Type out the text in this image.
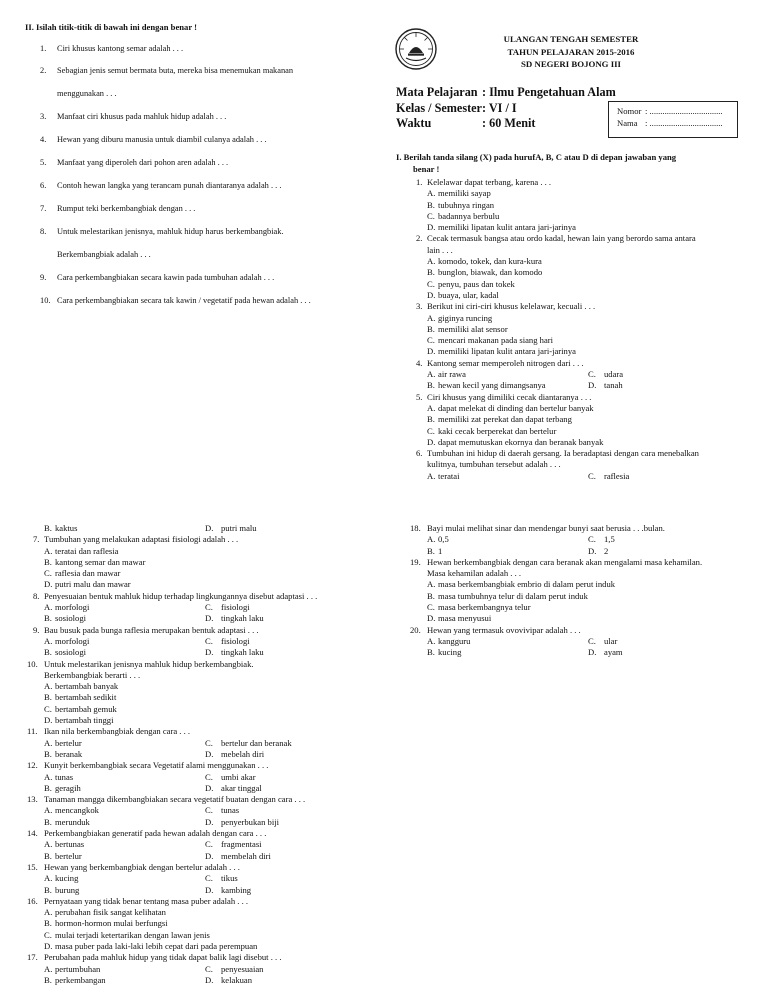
II. Isilah titik-titik di bawah ini dengan benar !
1. Ciri khusus kantong semar adalah . . .
2. Sebagian jenis semut bermata buta, mereka bisa menemukan makanan
menggunakan . . .
3. Manfaat ciri khusus pada mahluk hidup adalah . . .
4. Hewan yang diburu manusia untuk diambil culanya adalah . . .
5. Manfaat yang diperoleh dari pohon aren adalah . . .
6. Contoh hewan langka yang terancam punah diantaranya adalah . . .
7. Rumput teki berkembangbiak dengan . . .
8. Untuk melestarikan jenisnya, mahluk hidup harus berkembangbiak.
Berkembangbiak adalah . . .
9. Cara perkembangbiakan secara kawin pada tumbuhan adalah . . .
10. Cara perkembangbiakan secara tak kawin / vegetatif pada hewan adalah . . .
ULANGAN TENGAH SEMESTER
TAHUN PELAJARAN 2015-2016
SD NEGERI BOJONG III
Mata Pelajaran : Ilmu Pengetahuan Alam
Kelas / Semester : VI / I
Waktu	: 60 Menit
Nomor : ..................................
Nama : ..................................
I. Berilah tanda silang (X) pada hurufA, B, C atau D di depan jawaban yang
benar !
1. Kelelawar dapat terbang, karena . . .
A. memiliki sayap
B. tubuhnya ringan
C. badannya berbulu
D. memiliki lipatan kulit antara jari-jarinya
2. Cecak termasuk bangsa atau ordo kadal, hewan lain yang berordo sama antara
lain . . .
A. komodo, tokek, dan kura-kura
B. bunglon, biawak, dan komodo
C. penyu, paus dan tokek
D. buaya, ular, kadal
3. Berikut ini ciri-ciri khusus kelelawar, kecuali . . .
A. giginya runcing
B. memiliki alat sensor
C. mencari makanan pada siang hari
D. memiliki lipatan kulit antara jari-jarinya
4. Kantong semar memperoleh nitrogen dari . . .
A. air rawa	C. udara
B. hewan kecil yang dimangsanya	D. tanah
5. Ciri khusus yang dimiliki cecak diantaranya . . .
A. dapat melekat di dinding dan bertelur banyak
B. memiliki zat perekat dan dapat terbang
C. kaki cecak berperekat dan bertelur
D. dapat memutuskan ekornya dan beranak banyak
6. Tumbuhan ini hidup di daerah gersang. Ia beradaptasi dengan cara menebalkan
kulitnya, tumbuhan tersebut adalah . . .
A. teratai	C. raflesia
B. kaktus	D. putri malu
7. Tumbuhan yang melakukan adaptasi fisiologi adalah . . .
A. teratai dan raflesia
B. kantong semar dan mawar
C. raflesia dan mawar
D. putri malu dan mawar
8. Penyesuaian bentuk mahluk hidup terhadap lingkungannya disebut adaptasi . . .
A. morfologi	C. fisiologi
B. sosiologi	D. tingkah laku
9. Bau busuk pada bunga raflesia merupakan bentuk adaptasi . . .
A. morfologi	C. fisiologi
B. sosiologi	D. tingkah laku
10. Untuk melestarikan jenisnya mahluk hidup berkembangbiak.
Berkembangbiak berarti . . .
A. bertambah banyak
B. bertambah sedikit
C. bertambah gemuk
D. bertambah tinggi
11. Ikan nila berkembangbiak dengan cara . . .
A. bertelur	C. bertelur dan beranak
B. beranak	D. mebelah diri
12. Kunyit berkembangbiak secara Vegetatif alami menggunakan . . .
A. tunas	C. umbi akar
B. geragih	D. akar tinggal
13. Tanaman mangga dikembangbiakan secara vegetatif buatan dengan cara . . .
A. mencangkok	C. tunas
B. merunduk	D. penyerbukan biji
14. Perkembangbiakan generatif pada hewan adalah dengan cara . . .
A. bertunas	C. fragmentasi
B. bertelur	D. membelah diri
15. Hewan yang berkembangbiak dengan bertelur adalah . . .
A. kucing	C. tikus
B. burung	D. kambing
16. Pernyataan yang tidak benar tentang masa puber adalah . . .
A. perubahan fisik sangat kelihatan
B. hormon-hormon mulai berfungsi
C. mulai terjadi ketertarikan dengan lawan jenis
D. masa puber pada laki-laki lebih cepat dari pada perempuan
17. Perubahan pada mahluk hidup yang tidak dapat balik lagi disebut . . .
A. pertumbuhan	C. penyesuaian
B. perkembangan	D. kelakuan
18. Bayi mulai melihat sinar dan mendengar bunyi saat berusia . . .bulan.
A. 0,5	C. 1,5
B. 1	D. 2
19. Hewan berkembangbiak dengan cara beranak akan mengalami masa kehamilan.
Masa kehamilan adalah . . .
A. masa berkembangbiak embrio di dalam perut induk
B. masa tumbuhnya telur di dalam perut induk
C. masa berkembangnya telur
D. masa menyusui
20. Hewan yang termasuk ovovivipar adalah . . .
A. kangguru	C. ular
B. kucing	D. ayam
